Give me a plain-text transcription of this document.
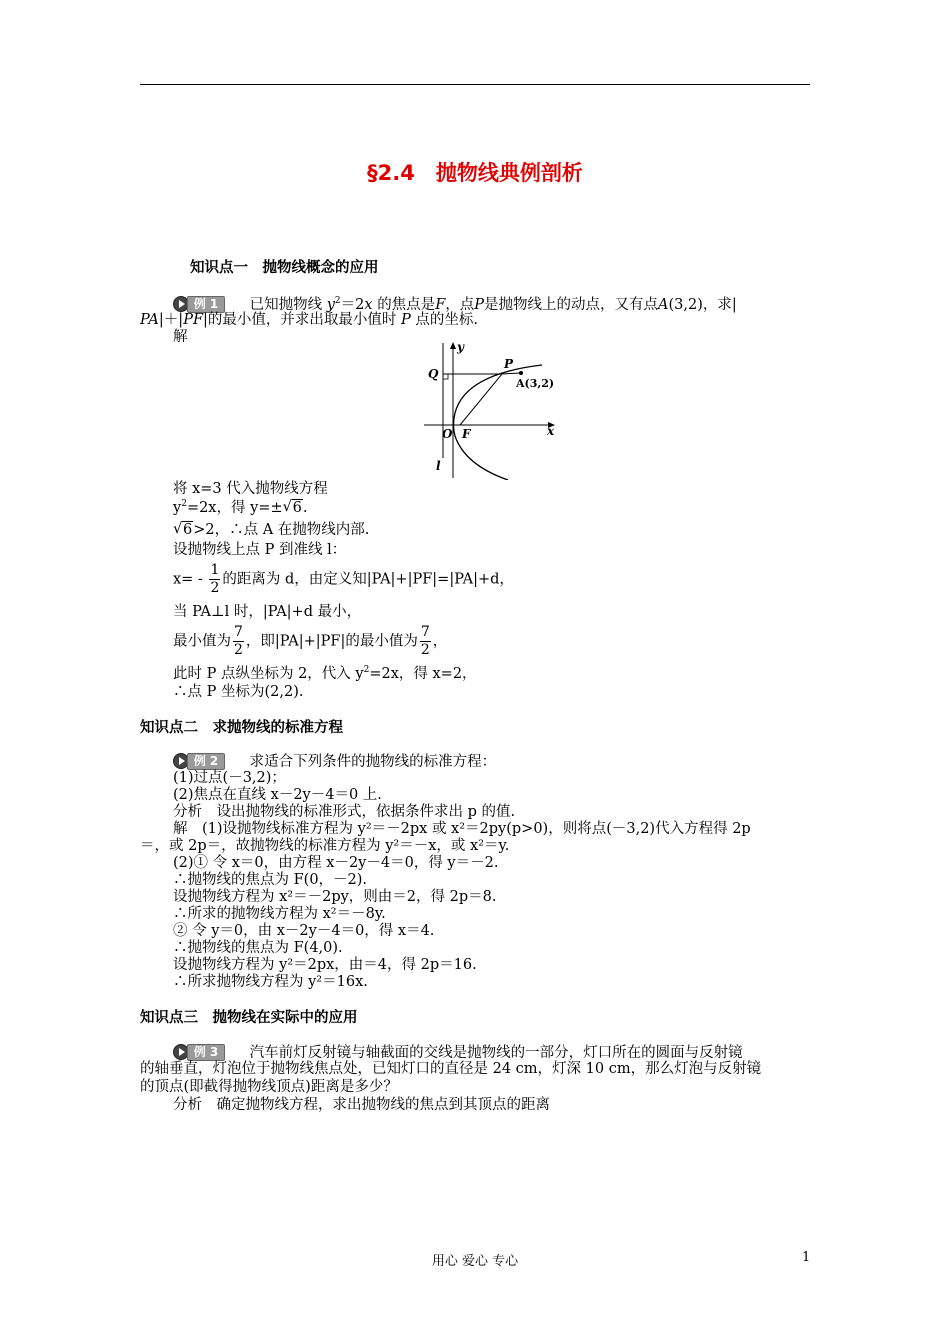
§2.4　抛物线典例剖析
知识点一　抛物线概念的应用
例 1	已知抛物线 $y^2=2x$ 的焦点是F，点P是抛物线上的动点，又有点A(3,2)，求|
PA|＋|PF|的最小值，并求出取最小值时 P 点的坐标.
解
P
A(3,2)
Q
O F	x
y
l
将 x=3 代入抛物线方程
$y^2=2x$，得 y=±√ 6.
√ 6>2，∴点 A 在抛物线内部.
设抛物线上点 P 到准线 l：
$x= - \frac{1}{2}$ 的距离为 d，由定义知|PA|+|PF|=|PA|+d，
当 PA⊥l 时，|PA|+d 最小，
最小值为 $\frac{7}{2}$ ，即|PA|+|PF|的最小值为 $\frac{7}{2}$ ，
此时 P 点纵坐标为 2，代入 $y^2=2x$，得 x=2，
∴点 P 坐标为(2,2).
知识点二　求抛物线的标准方程
例 2	求适合下列条件的抛物线的标准方程：
(1)过点(－3,2)；
(2)焦点在直线 x－2y－4＝0 上.
分析　设出抛物线的标准形式，依据条件求出 p 的值.
解　(1)设抛物线标准方程为 y²＝－2px 或 x²＝2py(p>0)，则将点(－3,2)代入方程得 2p
＝，或 2p＝，故抛物线的标准方程为 y²＝－x，或 x²＝y.
(2)① 令 x＝0，由方程 x－2y－4＝0，得 y＝－2.
∴抛物线的焦点为 F(0，－2).
设抛物线方程为 x²＝－2py，则由＝2，得 2p＝8.
∴所求的抛物线方程为 x²＝－8y.
② 令 y＝0，由 x－2y－4＝0，得 x＝4.
∴抛物线的焦点为 F(4,0).
设抛物线方程为 y²＝2px，由＝4，得 2p＝16.
∴所求抛物线方程为 y²＝16x.
知识点三　抛物线在实际中的应用
例 3	汽车前灯反射镜与轴截面的交线是抛物线的一部分，灯口所在的圆面与反射镜
的轴垂直，灯泡位于抛物线焦点处，已知灯口的直径是 24 cm，灯深 10 cm，那么灯泡与反射镜
的顶点(即截得抛物线顶点)距离是多少？
分析　确定抛物线方程，求出抛物线的焦点到其顶点的距离
用心 爱心 专心	1
